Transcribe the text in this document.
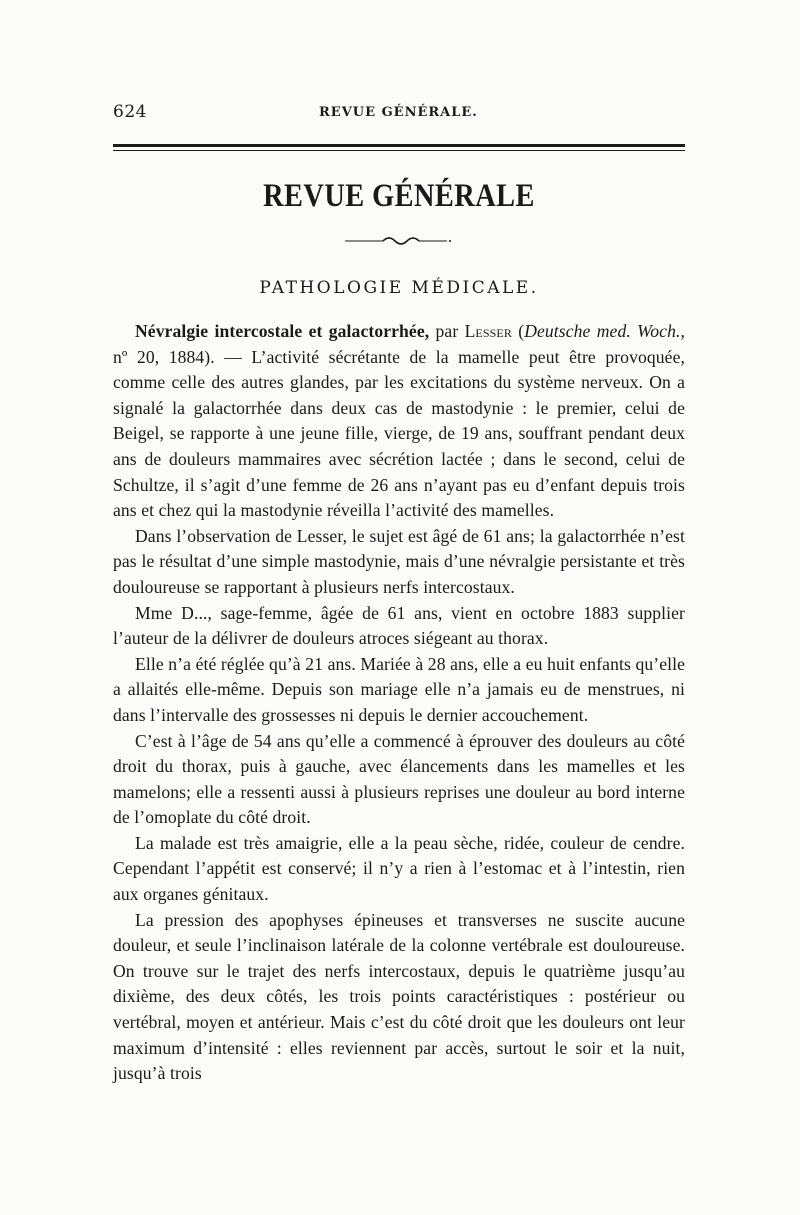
624	REVUE GÉNÉRALE.
REVUE GÉNÉRALE
PATHOLOGIE MÉDICALE.

Névralgie intercostale et galactorrhée, par Lesser (Deutsche med. Woch., nº 20, 1884). — L’activité sécrétante de la mamelle peut être provoquée, comme celle des autres glandes, par les excitations du système nerveux. On a signalé la galactorrhée dans deux cas de mastodynie : le premier, celui de Beigel, se rapporte à une jeune fille, vierge, de 19 ans, souffrant pendant deux ans de douleurs mammaires avec sécrétion lactée ; dans le second, celui de Schultze, il s’agit d’une femme de 26 ans n’ayant pas eu d’enfant depuis trois ans et chez qui la mastodynie réveilla l’activité des mamelles.

Dans l’observation de Lesser, le sujet est âgé de 61 ans; la galactorrhée n’est pas le résultat d’une simple mastodynie, mais d’une névralgie persistante et très douloureuse se rapportant à plusieurs nerfs intercostaux.

Mme D..., sage-femme, âgée de 61 ans, vient en octobre 1883 supplier l’auteur de la délivrer de douleurs atroces siégeant au thorax.

Elle n’a été réglée qu’à 21 ans. Mariée à 28 ans, elle a eu huit enfants qu’elle a allaités elle-même. Depuis son mariage elle n’a jamais eu de menstrues, ni dans l’intervalle des grossesses ni depuis le dernier accouchement.

C’est à l’âge de 54 ans qu’elle a commencé à éprouver des douleurs au côté droit du thorax, puis à gauche, avec élancements dans les mamelles et les mamelons; elle a ressenti aussi à plusieurs reprises une douleur au bord interne de l’omoplate du côté droit.

La malade est très amaigrie, elle a la peau sèche, ridée, couleur de cendre. Cependant l’appétit est conservé; il n’y a rien à l’estomac et à l’intestin, rien aux organes génitaux.

La pression des apophyses épineuses et transverses ne suscite aucune douleur, et seule l’inclinaison latérale de la colonne vertébrale est douloureuse. On trouve sur le trajet des nerfs intercostaux, depuis le quatrième jusqu’au dixième, des deux côtés, les trois points caractéristiques : postérieur ou vertébral, moyen et antérieur. Mais c’est du côté droit que les douleurs ont leur maximum d’intensité : elles reviennent par accès, surtout le soir et la nuit, jusqu’à trois
